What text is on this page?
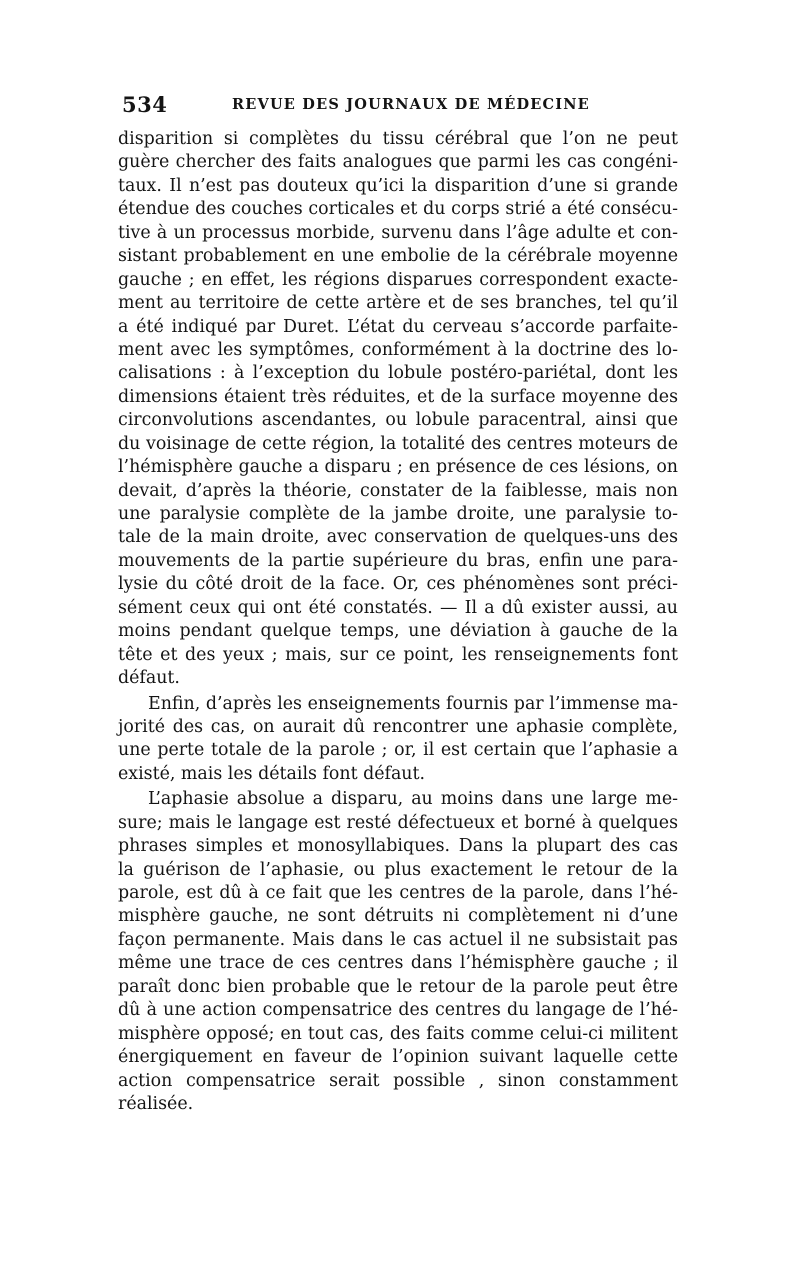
534	REVUE DES JOURNAUX DE MÉDECINE
disparition si complètes du tissu cérébral que l’on ne peut
guère chercher des faits analogues que parmi les cas congéni-
taux. Il n’est pas douteux qu’ici la disparition d’une si grande
étendue des couches corticales et du corps strié a été consécu-
tive à un processus morbide, survenu dans l’âge adulte et con-
sistant probablement en une embolie de la cérébrale moyenne
gauche ; en effet, les régions disparues correspondent exacte-
ment au territoire de cette artère et de ses branches, tel qu’il
a été indiqué par Duret. L’état du cerveau s’accorde parfaite-
ment avec les symptômes, conformément à la doctrine des lo-
calisations : à l’exception du lobule postéro-pariétal, dont les
dimensions étaient très réduites, et de la surface moyenne des
circonvolutions ascendantes, ou lobule paracentral, ainsi que
du voisinage de cette région, la totalité des centres moteurs de
l’hémisphère gauche a disparu ; en présence de ces lésions, on
devait, d’après la théorie, constater de la faiblesse, mais non
une paralysie complète de la jambe droite, une paralysie to-
tale de la main droite, avec conservation de quelques-uns des
mouvements de la partie supérieure du bras, enfin une para-
lysie du côté droit de la face. Or, ces phénomènes sont préci-
sément ceux qui ont été constatés. — Il a dû exister aussi, au
moins pendant quelque temps, une déviation à gauche de la
tête et des yeux ; mais, sur ce point, les renseignements font
défaut.
Enfin, d’après les enseignements fournis par l’immense ma-
jorité des cas, on aurait dû rencontrer une aphasie complète,
une perte totale de la parole ; or, il est certain que l’aphasie a
existé, mais les détails font défaut.
L’aphasie absolue a disparu, au moins dans une large me-
sure; mais le langage est resté défectueux et borné à quelques
phrases simples et monosyllabiques. Dans la plupart des cas
la guérison de l’aphasie, ou plus exactement le retour de la
parole, est dû à ce fait que les centres de la parole, dans l’hé-
misphère gauche, ne sont détruits ni complètement ni d’une
façon permanente. Mais dans le cas actuel il ne subsistait pas
même une trace de ces centres dans l’hémisphère gauche ; il
paraît donc bien probable que le retour de la parole peut être
dû à une action compensatrice des centres du langage de l’hé-
misphère opposé; en tout cas, des faits comme celui-ci militent
énergiquement en faveur de l’opinion suivant laquelle cette
action compensatrice serait possible , sinon constamment
réalisée.
